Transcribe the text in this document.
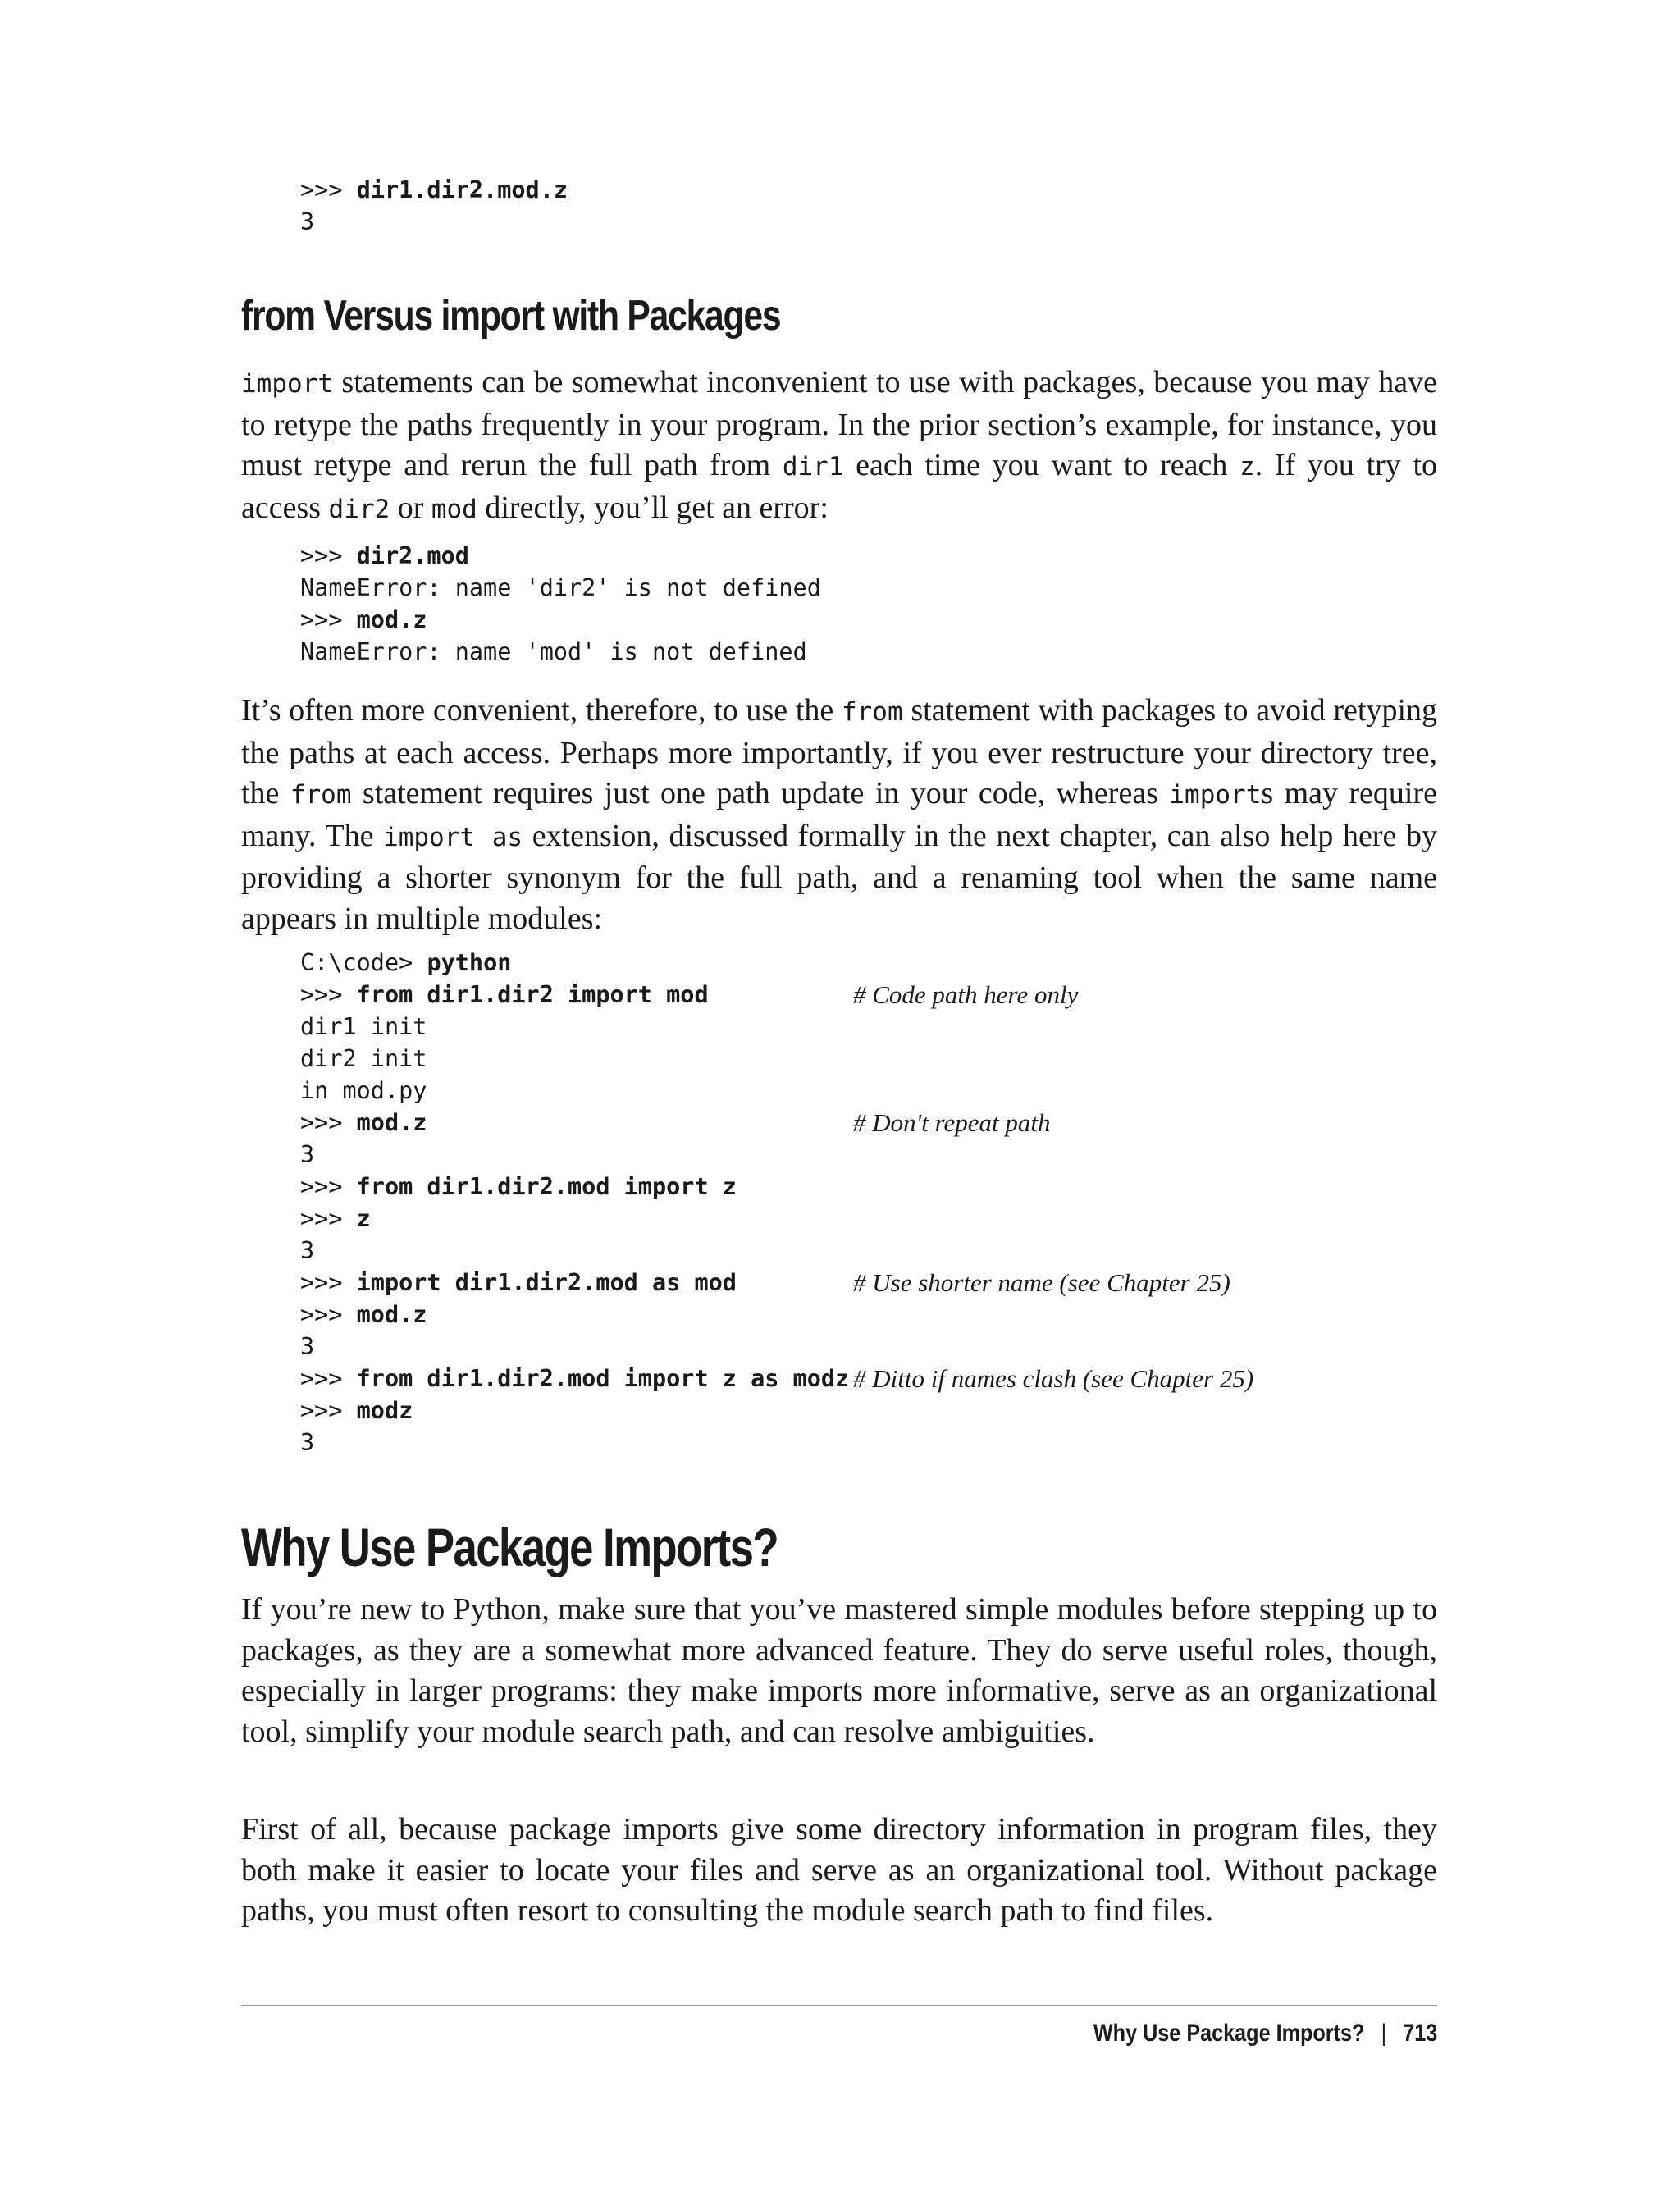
>>> dir1.dir2.mod.z
3
from Versus import with Packages

import statements can be somewhat inconvenient to use with packages, because you may have to retype the paths frequently in your program. In the prior section’s example, for instance, you must retype and rerun the full path from dir1 each time you want to reach z. If you try to access dir2 or mod directly, you’ll get an error:

>>> dir2.mod
NameError: name 'dir2' is not defined
>>> mod.z
NameError: name 'mod' is not defined

It’s often more convenient, therefore, to use the from statement with packages to avoid retyping the paths at each access. Perhaps more importantly, if you ever restructure your directory tree, the from statement requires just one path update in your code, whereas imports may require many. The import as extension, discussed formally in the next chapter, can also help here by providing a shorter synonym for the full path, and a renaming tool when the same name appears in multiple modules:

C:\code> python
>>> from dir1.dir2 import mod	# Code path here only
dir1 init
dir2 init
in mod.py
>>> mod.z	# Don't repeat path
3
>>> from dir1.dir2.mod import z
>>> z
3
>>> import dir1.dir2.mod as mod	# Use shorter name (see Chapter 25)
>>> mod.z
3
>>> from dir1.dir2.mod import z as modz # Ditto if names clash (see Chapter 25)
>>> modz
3
Why Use Package Imports?

If you’re new to Python, make sure that you’ve mastered simple modules before stepping up to packages, as they are a somewhat more advanced feature. They do serve useful roles, though, especially in larger programs: they make imports more informative, serve as an organizational tool, simplify your module search path, and can resolve ambiguities.

First of all, because package imports give some directory information in program files, they both make it easier to locate your files and serve as an organizational tool. Without package paths, you must often resort to consulting the module search path to find files.

Why Use Package Imports? | 713
